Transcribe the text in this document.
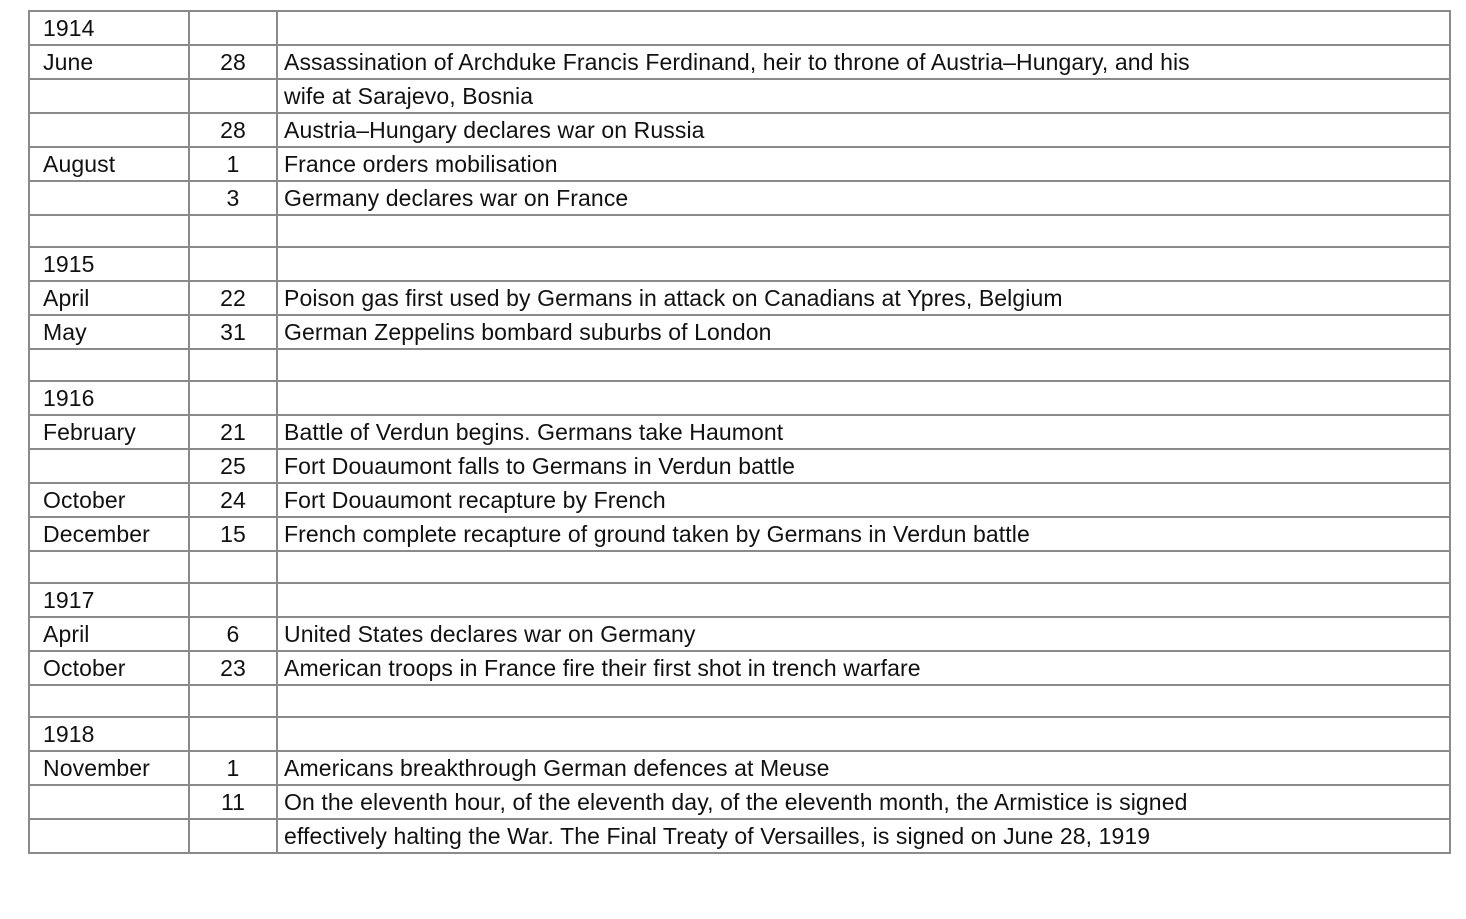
1914		
June	28	Assassination of Archduke Francis Ferdinand, heir to throne of Austria–Hungary, and his
		wife at Sarajevo, Bosnia
	28	Austria–Hungary declares war on Russia
August	1	France orders mobilisation
	3	Germany declares war on France

1915		
April	22	Poison gas first used by Germans in attack on Canadians at Ypres, Belgium
May	31	German Zeppelins bombard suburbs of London

1916		
February	21	Battle of Verdun begins. Germans take Haumont
	25	Fort Douaumont falls to Germans in Verdun battle
October	24	Fort Douaumont recapture by French
December	15	French complete recapture of ground taken by Germans in Verdun battle

1917		
April	6	United States declares war on Germany
October	23	American troops in France fire their first shot in trench warfare

1918		
November	1	Americans breakthrough German defences at Meuse
	11	On the eleventh hour, of the eleventh day, of the eleventh month, the Armistice is signed
		effectively halting the War. The Final Treaty of Versailles, is signed on June 28, 1919
